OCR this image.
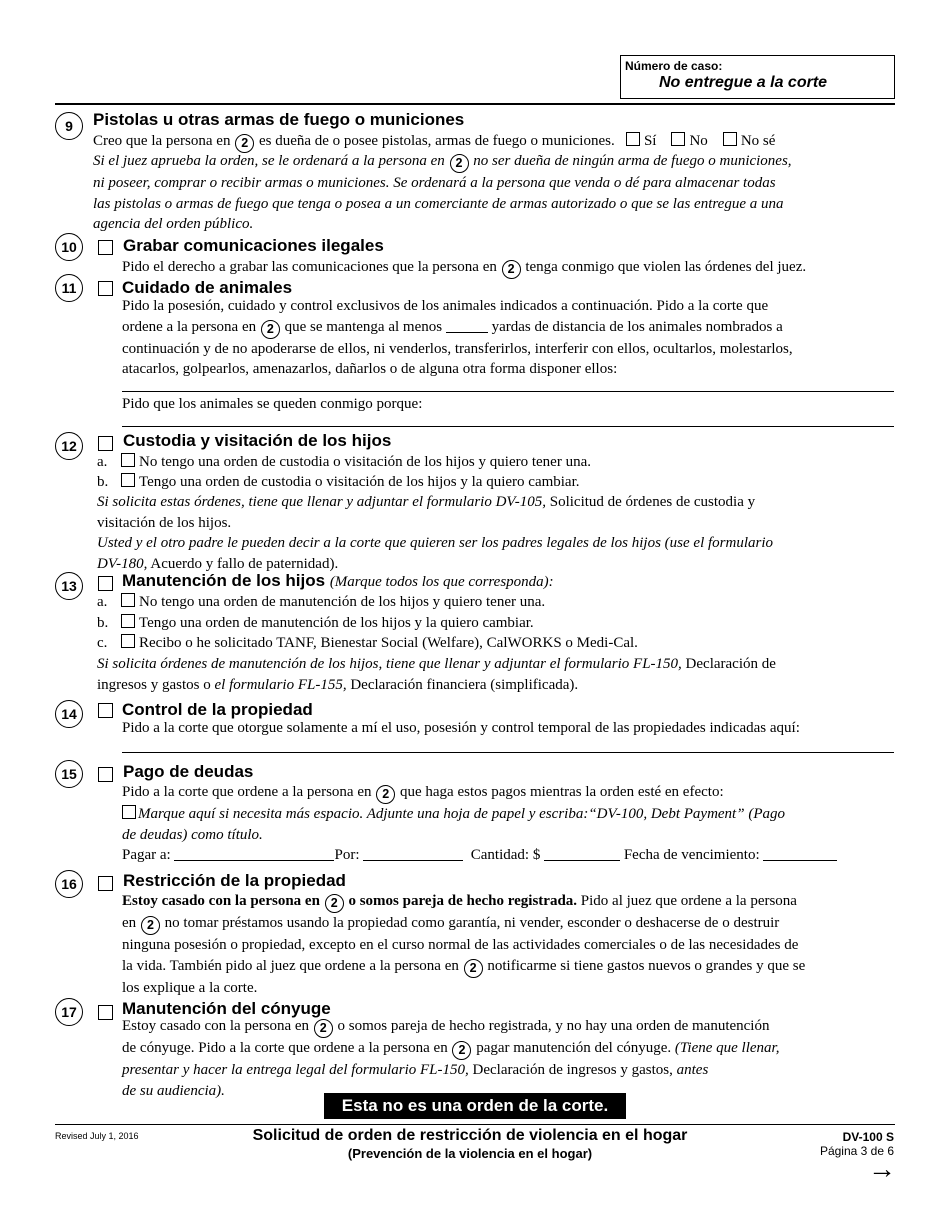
Número de caso:
No entregue a la corte
9	Pistolas u otras armas de fuego o municiones
Creo que la persona en 2 es dueña de o posee pistolas, armas de fuego o municiones. Sí No No sé
Si el juez aprueba la orden, se le ordenará a la persona en 2 no ser dueña de ningún arma de fuego o municiones,
ni poseer, comprar o recibir armas o municiones. Se ordenará a la persona que venda o dé para almacenar todas
las pistolas o armas de fuego que tenga o posea a un comerciante de armas autorizado o que se las entregue a una
agencia del orden público.
10	Grabar comunicaciones ilegales
Pido el derecho a grabar las comunicaciones que la persona en 2 tenga conmigo que violen las órdenes del juez.
11	Cuidado de animales
Pido la posesión, cuidado y control exclusivos de los animales indicados a continuación. Pido a la corte que
ordene a la persona en 2 que se mantenga al menos	yardas de distancia de los animales nombrados a
continuación y de no apoderarse de ellos, ni venderlos, transferirlos, interferir con ellos, ocultarlos, molestarlos,
atacarlos, golpearlos, amenazarlos, dañarlos o de alguna otra forma disponer ellos:
Pido que los animales se queden conmigo porque:
12	Custodia y visitación de los hijos
a. No tengo una orden de custodia o visitación de los hijos y quiero tener una.
b. Tengo una orden de custodia o visitación de los hijos y la quiero cambiar.
Si solicita estas órdenes, tiene que llenar y adjuntar el formulario DV-105, Solicitud de órdenes de custodia y
visitación de los hijos.
Usted y el otro padre le pueden decir a la corte que quieren ser los padres legales de los hijos (use el formulario
DV-180, Acuerdo y fallo de paternidad).
13	Manutención de los hijos (Marque todos los que corresponda):
a. No tengo una orden de manutención de los hijos y quiero tener una.
b. Tengo una orden de manutención de los hijos y la quiero cambiar.
c. Recibo o he solicitado TANF, Bienestar Social (Welfare), CalWORKS o Medi-Cal.
Si solicita órdenes de manutención de los hijos, tiene que llenar y adjuntar el formulario FL-150, Declaración de
ingresos y gastos o el formulario FL-155, Declaración financiera (simplificada).
14	Control de la propiedad
Pido a la corte que otorgue solamente a mí el uso, posesión y control temporal de las propiedades indicadas aquí:
15	Pago de deudas
Pido a la corte que ordene a la persona en 2 que haga estos pagos mientras la orden esté en efecto:
Marque aquí si necesita más espacio. Adjunte una hoja de papel y escriba:“DV-100, Debt Payment” (Pago
de deudas) como título.
Pagar a:	Por:	Cantidad: $	Fecha de vencimiento:
16	Restricción de la propiedad
Estoy casado con la persona en 2 o somos pareja de hecho registrada. Pido al juez que ordene a la persona
en 2 no tomar préstamos usando la propiedad como garantía, ni vender, esconder o deshacerse de o destruir
ninguna posesión o propiedad, excepto en el curso normal de las actividades comerciales o de las necesidades de
la vida. También pido al juez que ordene a la persona en 2 notificarme si tiene gastos nuevos o grandes y que se
los explique a la corte.
17	Manutención del cónyuge
Estoy casado con la persona en 2 o somos pareja de hecho registrada, y no hay una orden de manutención
de cónyuge. Pido a la corte que ordene a la persona en 2 pagar manutención del cónyuge. (Tiene que llenar,
presentar y hacer la entrega legal del formulario FL-150, Declaración de ingresos y gastos, antes
de su audiencia).
Esta no es una orden de la corte.
Revised July 1, 2016	Solicitud de orden de restricción de violencia en el hogar
(Prevención de la violencia en el hogar)
DV-100 S
Página 3 de 6
→
